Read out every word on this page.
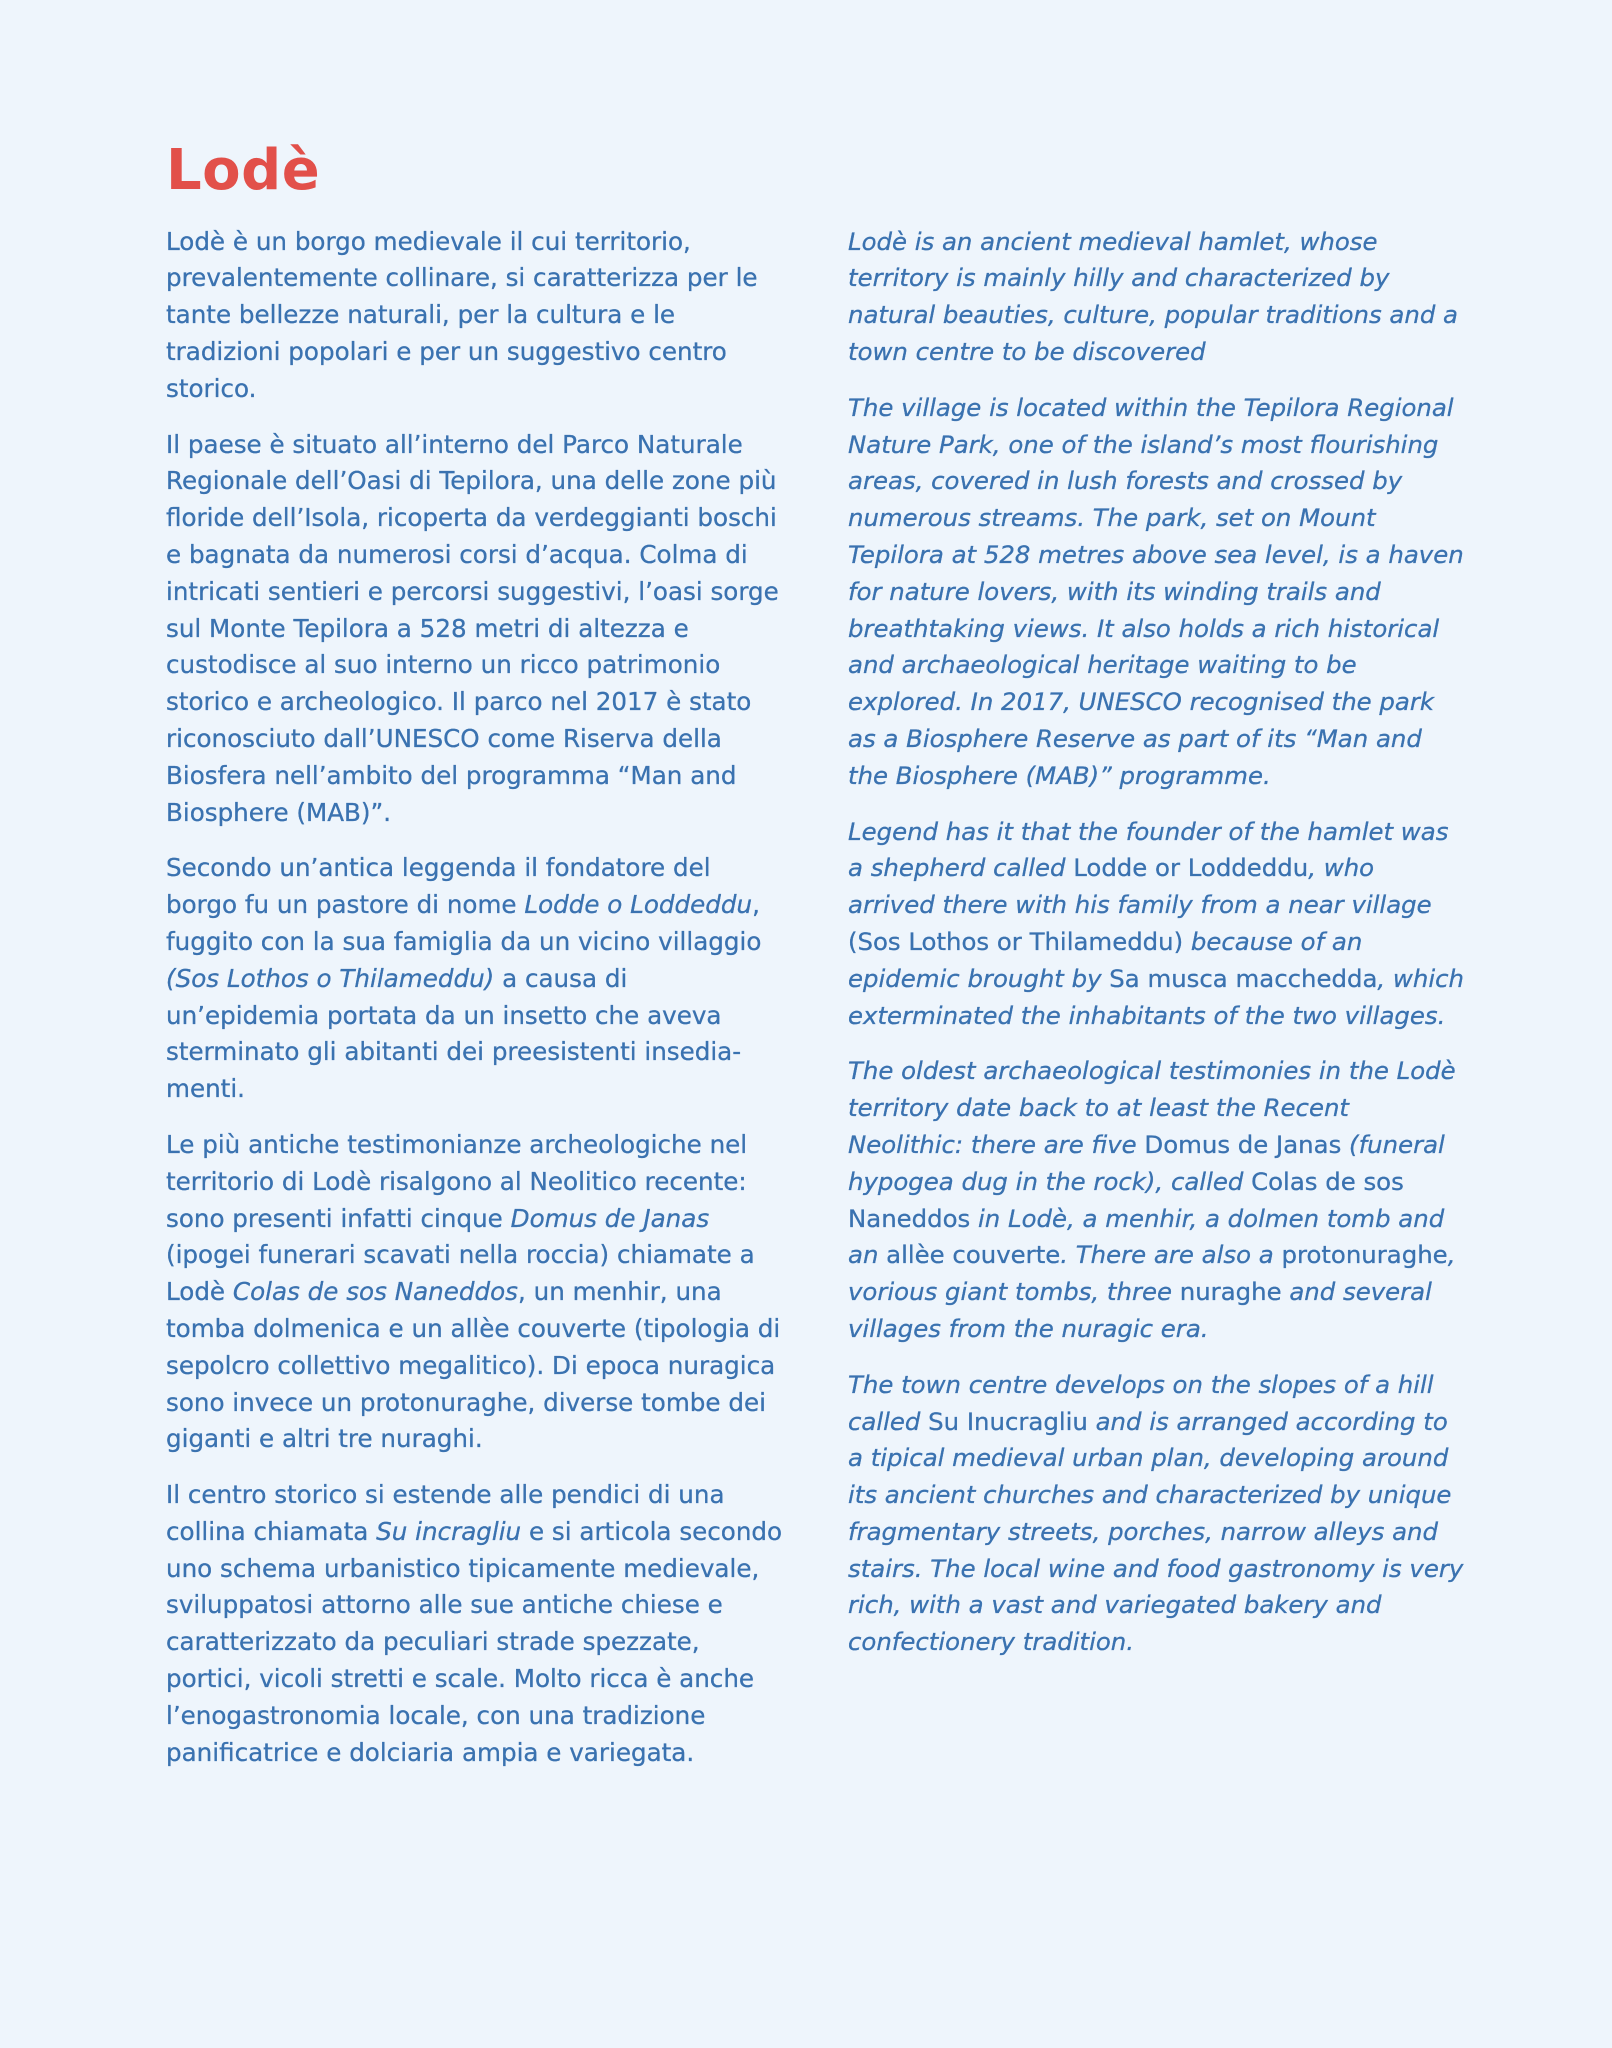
Lodè

Lodè è un borgo medievale il cui territorio, prevalentemente collinare, si caratterizza per le tante bellezze naturali, per la cultura e le tradizioni popolari e per un suggestivo centro storico.

Il paese è situato all’interno del Parco Naturale Regionale dell’Oasi di Tepilora, una delle zone più floride dell’Isola, ricoperta da verdeggianti boschi e bagnata da numerosi corsi d’acqua. Colma di intricati sentieri e percorsi suggestivi, l’oasi sorge sul Monte Tepilora a 528 metri di altezza e custodisce al suo interno un ricco patrimonio storico e archeologico. Il parco nel 2017 è stato riconosciuto dall’UNESCO come Riserva della Biosfera nell’ambito del programma “Man and Biosphere (MAB)”.

Secondo un’antica leggenda il fondatore del borgo fu un pastore di nome Lodde o Loddeddu, fuggito con la sua famiglia da un vicino villaggio (Sos Lothos o Thilameddu) a causa di un’epidemia portata da un insetto che aveva sterminato gli abitanti dei preesistenti insediamenti.

Le più antiche testimonianze archeologiche nel territorio di Lodè risalgono al Neolitico recente: sono presenti infatti cinque Domus de Janas (ipogei funerari scavati nella roccia) chiamate a Lodè Colas de sos Naneddos, un menhir, una tomba dolmenica e un allèe couverte (tipologia di sepolcro collettivo megalitico). Di epoca nuragica sono invece un protonuraghe, diverse tombe dei giganti e altri tre nuraghi.

Il centro storico si estende alle pendici di una collina chiamata Su incragliu e si articola secondo uno schema urbanistico tipicamente medievale, sviluppatosi attorno alle sue antiche chiese e caratterizzato da peculiari strade spezzate, portici, vicoli stretti e scale. Molto ricca è anche l’enogastronomia locale, con una tradizione panificatrice e dolciaria ampia e variegata.

Lodè is an ancient medieval hamlet, whose territory is mainly hilly and characterized by natural beauties, culture, popular traditions and a town centre to be discovered

The village is located within the Tepilora Regional Nature Park, one of the island’s most flourishing areas, covered in lush forests and crossed by numerous streams. The park, set on Mount Tepilora at 528 metres above sea level, is a haven for nature lovers, with its winding trails and breathtaking views. It also holds a rich historical and archaeological heritage waiting to be explored. In 2017, UNESCO recognised the park as a Biosphere Reserve as part of its “Man and the Biosphere (MAB)” programme.

Legend has it that the founder of the hamlet was a shepherd called Lodde or Loddeddu, who arrived there with his family from a near village (Sos Lothos or Thilameddu) because of an epidemic brought by Sa musca macchedda, which exterminated the inhabitants of the two villages.

The oldest archaeological testimonies in the Lodè territory date back to at least the Recent Neolithic: there are five Domus de Janas (funeral hypogea dug in the rock), called Colas de sos Naneddos in Lodè, a menhir, a dolmen tomb and an allèe couverte. There are also a protonuraghe, vorious giant tombs, three nuraghe and several villages from the nuragic era.

The town centre develops on the slopes of a hill called Su Inucragliu and is arranged according to a tipical medieval urban plan, developing around its ancient churches and characterized by unique fragmentary streets, porches, narrow alleys and stairs. The local wine and food gastronomy is very rich, with a vast and variegated bakery and confectionery tradition.
